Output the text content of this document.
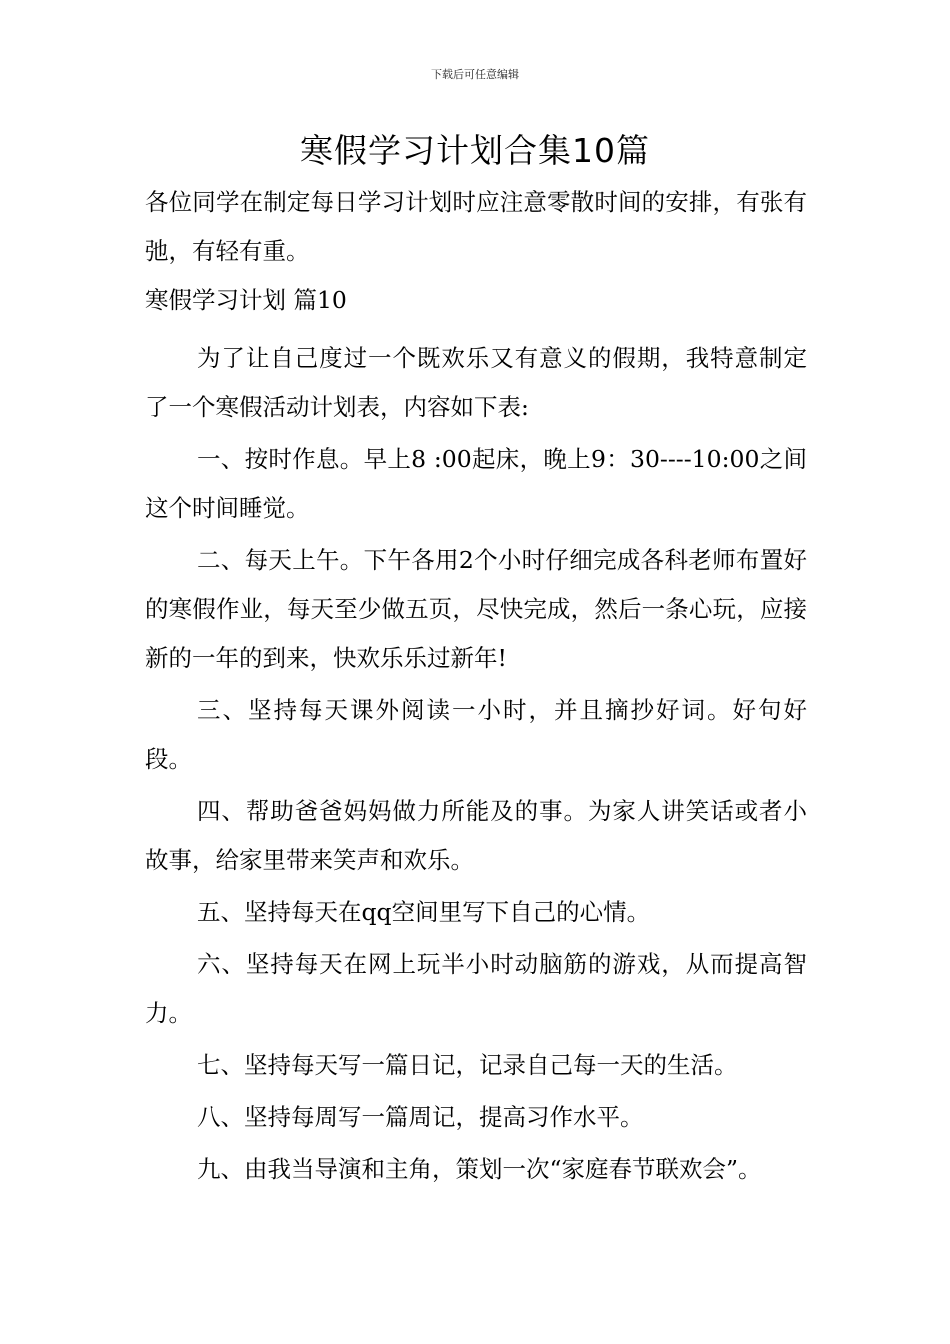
下载后可任意编辑
寒假学习计划合集10篇

各位同学在制定每日学习计划时应注意零散时间的安排，有张有弛，有轻有重。

寒假学习计划 篇10

为了让自己度过一个既欢乐又有意义的假期，我特意制定了一个寒假活动计划表，内容如下表:

一、按时作息。早上8 :00起床，晚上9：30----10:00之间这个时间睡觉。

二、每天上午。下午各用2个小时仔细完成各科老师布置好的寒假作业，每天至少做五页，尽快完成，然后一条心玩，应接新的一年的到来，快欢乐乐过新年!

三、坚持每天课外阅读一小时，并且摘抄好词。好句好段。

四、帮助爸爸妈妈做力所能及的事。为家人讲笑话或者小故事，给家里带来笑声和欢乐。

五、坚持每天在qq空间里写下自己的心情。

六、坚持每天在网上玩半小时动脑筋的游戏，从而提高智力。

七、坚持每天写一篇日记，记录自己每一天的生活。

八、坚持每周写一篇周记，提高习作水平。

九、由我当导演和主角，策划一次“家庭春节联欢会”。
